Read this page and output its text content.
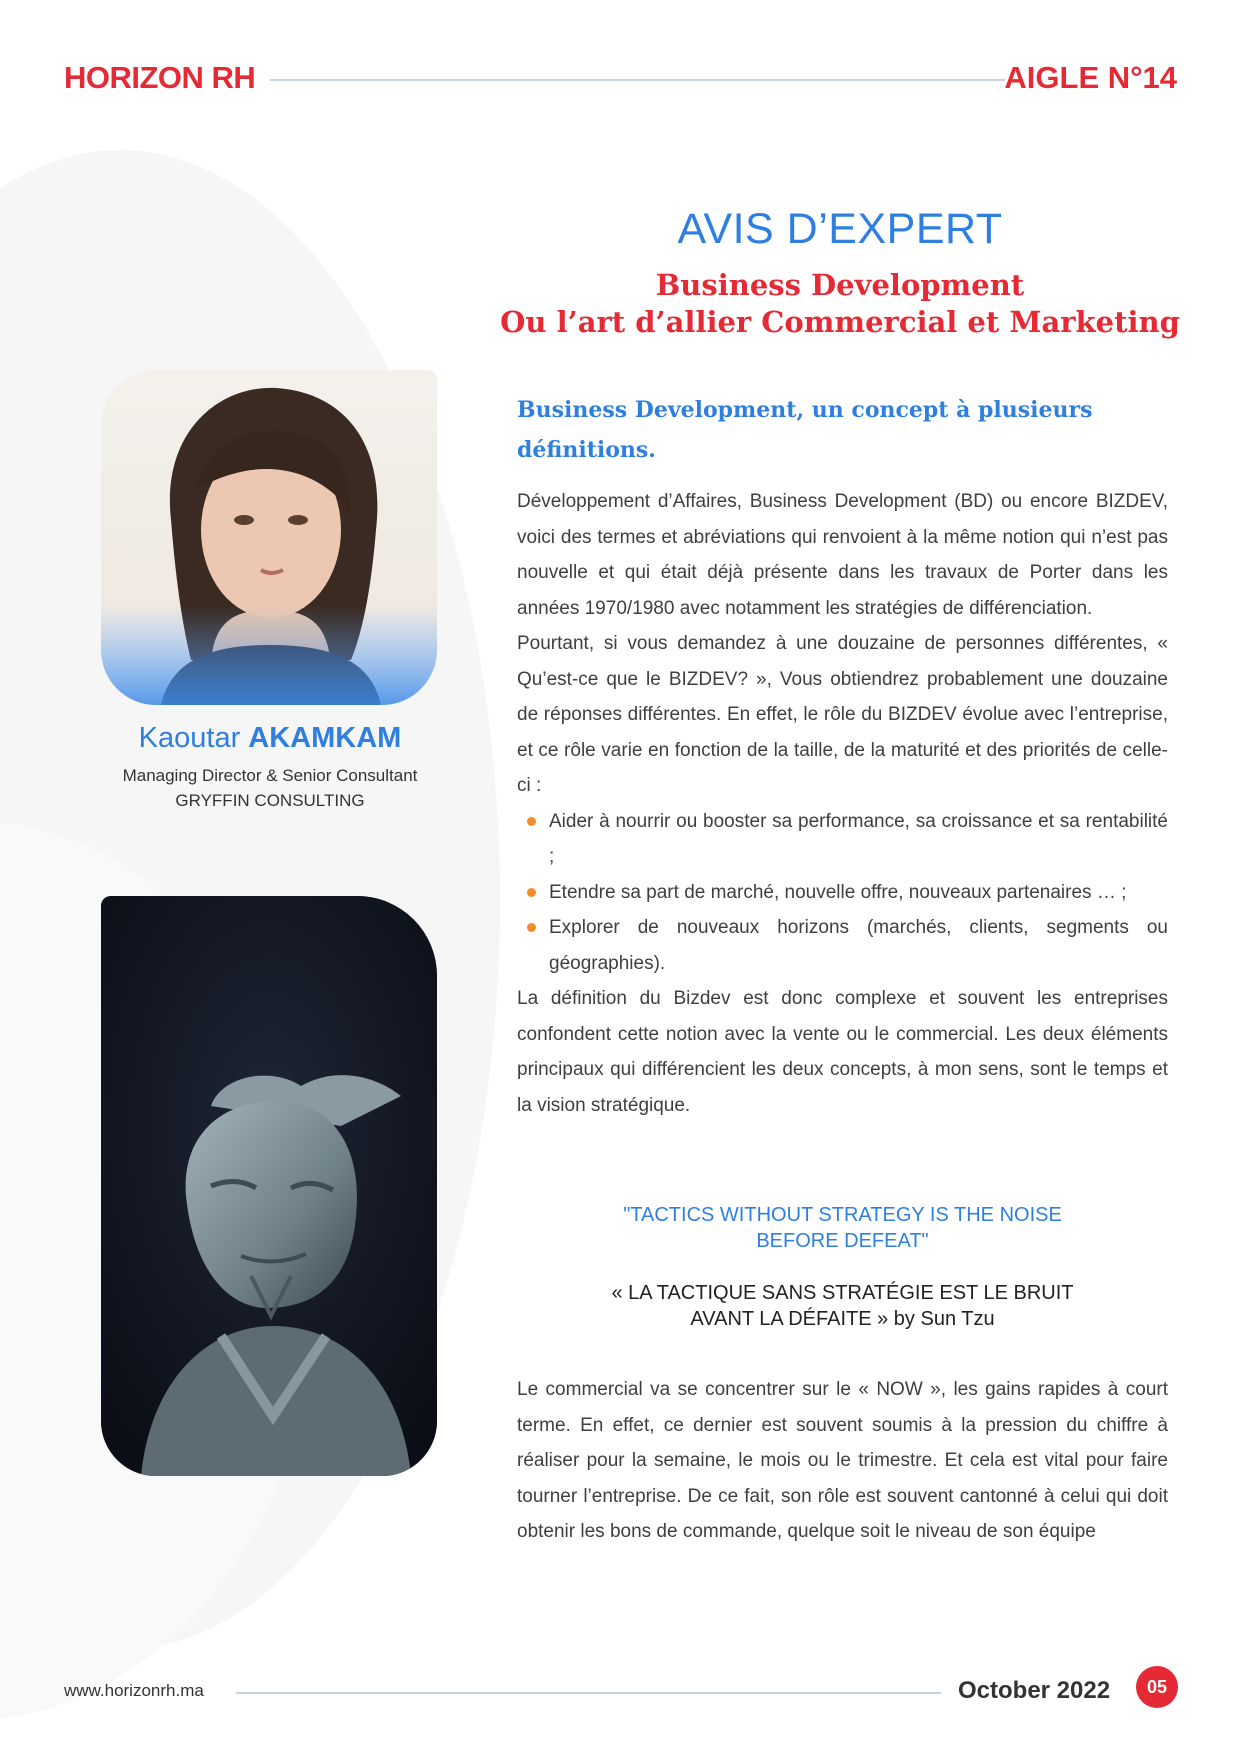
HORIZON RH	AIGLE N°14
AVIS D’EXPERT
Business Development
Ou l’art d’allier Commercial et Marketing
Kaoutar AKAMKAM
Managing Director & Senior Consultant
GRYFFIN CONSULTING
Business Development, un concept à plusieurs définitions.

Développement d’Affaires, Business Development (BD) ou encore BIZDEV, voici des termes et abréviations qui renvoient à la même notion qui n’est pas nouvelle et qui était déjà présente dans les travaux de Porter dans les années 1970/1980 avec notamment les stratégies de différenciation.

Pourtant, si vous demandez à une douzaine de personnes différentes, « Qu’est-ce que le BIZDEV? », Vous obtiendrez probablement une douzaine de réponses différentes. En effet, le rôle du BIZDEV évolue avec l’entreprise, et ce rôle varie en fonction de la taille, de la maturité et des priorités de celle-ci :

Aider à nourrir ou booster sa performance, sa croissance et sa rentabilité ;
Etendre sa part de marché, nouvelle offre, nouveaux partenaires … ;
Explorer de nouveaux horizons (marchés, clients, segments ou géographies).

La définition du Bizdev est donc complexe et souvent les entreprises confondent cette notion avec la vente ou le commercial. Les deux éléments principaux qui différencient les deux concepts, à mon sens, sont le temps et la vision stratégique.

"TACTICS WITHOUT STRATEGY IS THE NOISE
BEFORE DEFEAT"
« LA TACTIQUE SANS STRATÉGIE EST LE BRUIT
AVANT LA DÉFAITE » by Sun Tzu

Le commercial va se concentrer sur le « NOW », les gains rapides à court terme. En effet, ce dernier est souvent soumis à la pression du chiffre à réaliser pour la semaine, le mois ou le trimestre. Et cela est vital pour faire tourner l’entreprise. De ce fait, son rôle est souvent cantonné à celui qui doit obtenir les bons de commande, quelque soit le niveau de son équipe

www.horizonrh.ma	October 2022	05
